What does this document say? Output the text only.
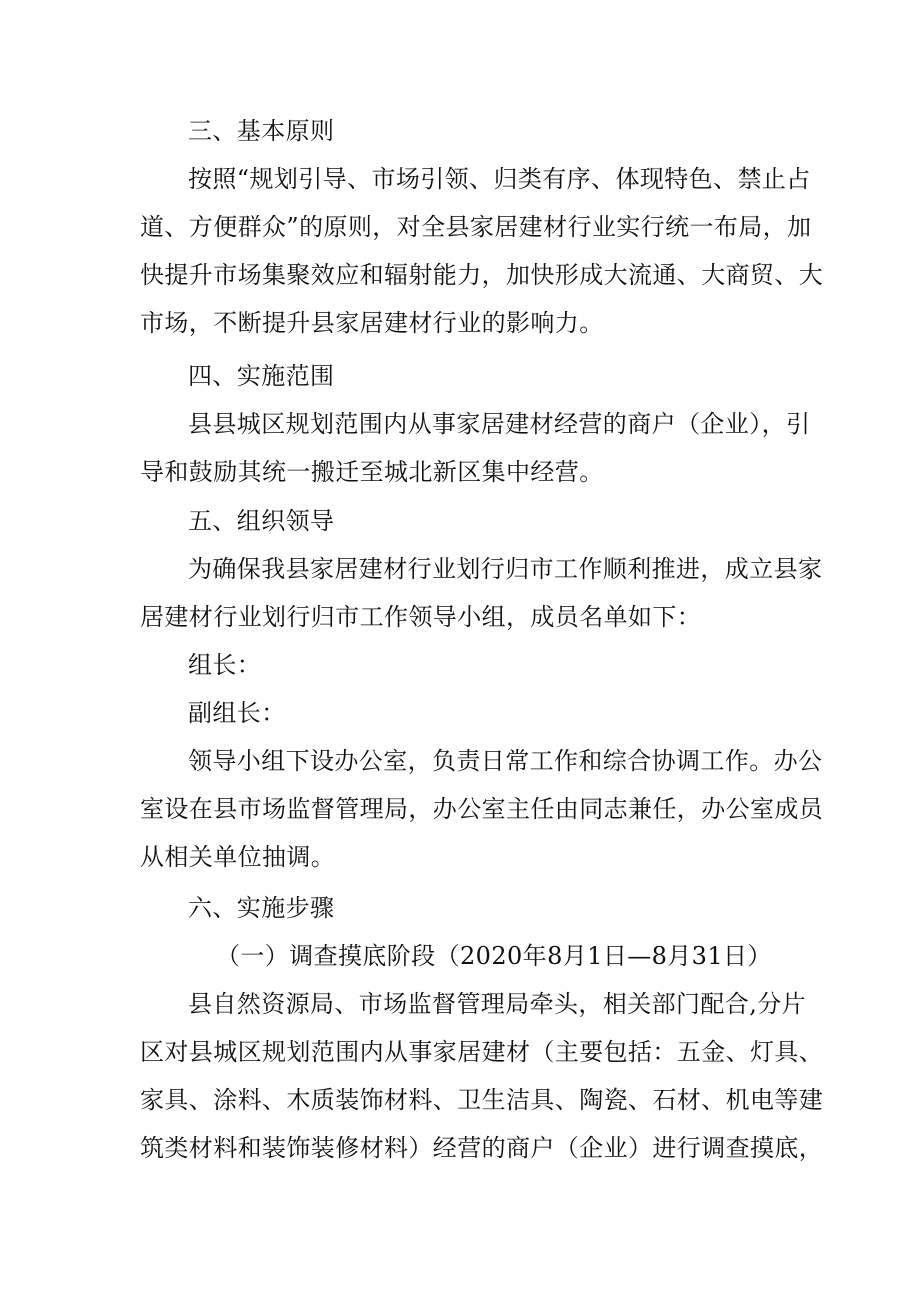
三、基本原则
按照“规划引导、市场引领、归类有序、体现特色、禁止占
道、方便群众”的原则，对全县家居建材行业实行统一布局，加
快提升市场集聚效应和辐射能力，加快形成大流通、大商贸、大
市场，不断提升县家居建材行业的影响力。
四、实施范围
县县城区规划范围内从事家居建材经营的商户（企业），引
导和鼓励其统一搬迁至城北新区集中经营。
五、组织领导
为确保我县家居建材行业划行归市工作顺利推进，成立县家
居建材行业划行归市工作领导小组，成员名单如下：
组长：
副组长：
领导小组下设办公室，负责日常工作和综合协调工作。办公
室设在县市场监督管理局，办公室主任由同志兼任，办公室成员
从相关单位抽调。
六、实施步骤
（一）调查摸底阶段（2020年8月1日—8月31日）
县自然资源局、市场监督管理局牵头，相关部门配合,分片
区对县城区规划范围内从事家居建材（主要包括：五金、灯具、
家具、涂料、木质装饰材料、卫生洁具、陶瓷、石材、机电等建
筑类材料和装饰装修材料）经营的商户（企业）进行调查摸底，
